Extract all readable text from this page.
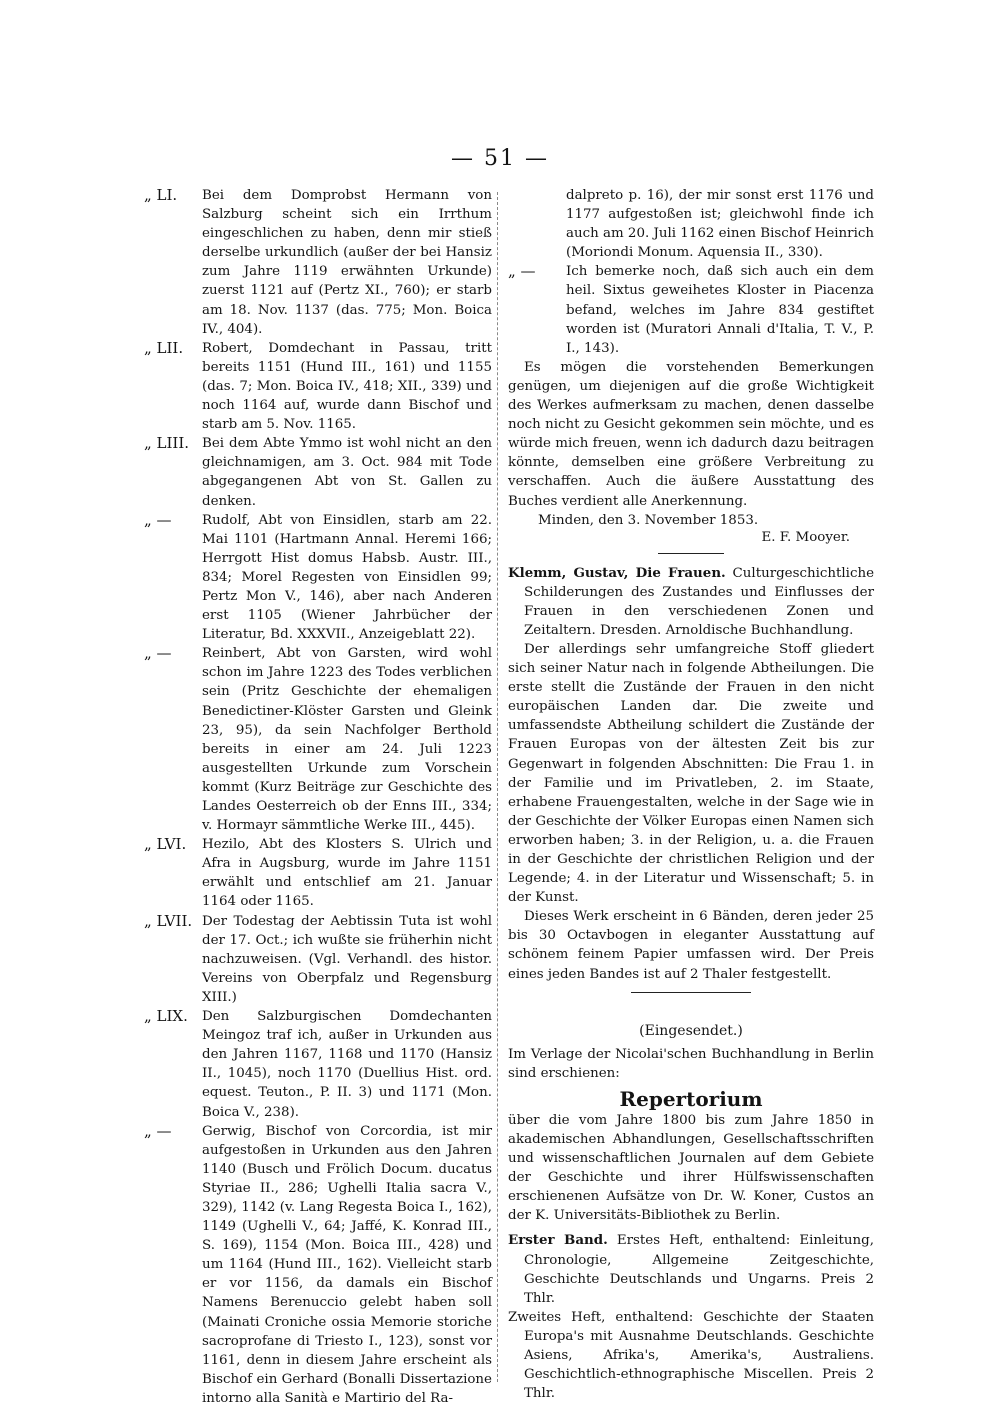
— 51 —
„ LI.	Bei dem Domprobst Hermann von Salzburg scheint sich ein Irrthum eingeschlichen zu haben, denn mir stieß derselbe urkundlich (außer der bei Hansiz zum Jahre 1119 erwähnten Urkunde) zuerst 1121 auf (Pertz XI., 760); er starb am 18. Nov. 1137 (das. 775; Mon. Boica IV., 404).
„ LII.	Robert, Domdechant in Passau, tritt bereits 1151 (Hund III., 161) und 1155 (das. 7; Mon. Boica IV., 418; XII., 339) und noch 1164 auf, wurde dann Bischof und starb am 5. Nov. 1165.
„ LIII. Bei dem Abte Ymmo ist wohl nicht an den gleichnamigen, am 3. Oct. 984 mit Tode abgegangenen Abt von St. Gallen zu denken.
„ —	Rudolf, Abt von Einsidlen, starb am 22. Mai 1101 (Hartmann Annal. Heremi 166; Herrgott Hist domus Habsb. Austr. III., 834; Morel Regesten von Einsidlen 99; Pertz Mon V., 146), aber nach Anderen erst 1105 (Wiener Jahrbücher der Literatur, Bd. XXXVII., Anzeigeblatt 22).
„ —	Reinbert, Abt von Garsten, wird wohl schon im Jahre 1223 des Todes verblichen sein (Pritz Geschichte der ehemaligen Benedictiner-Klöster Garsten und Gleink 23, 95), da sein Nachfolger Berthold bereits in einer am 24. Juli 1223 ausgestellten Urkunde zum Vorschein kommt (Kurz Beiträge zur Geschichte des Landes Oesterreich ob der Enns III., 334; v. Hormayr sämmtliche Werke III., 445).
„ LVI.	Hezilo, Abt des Klosters S. Ulrich und Afra in Augsburg, wurde im Jahre 1151 erwählt und entschlief am 21. Januar 1164 oder 1165.
„ LVII. Der Todestag der Aebtissin Tuta ist wohl der 17. Oct.; ich wußte sie früherhin nicht nachzuweisen. (Vgl. Verhandl. des histor. Vereins von Oberpfalz und Regensburg XIII.)
„ LIX.	Den Salzburgischen Domdechanten Meingoz traf ich, außer in Urkunden aus den Jahren 1167, 1168 und 1170 (Hansiz II., 1045), noch 1170 (Duellius Hist. ord. equest. Teuton., P. II. 3) und 1171 (Mon. Boica V., 238).
„ —	Gerwig, Bischof von Corcordia, ist mir aufgestoßen in Urkunden aus den Jahren 1140 (Busch und Frölich Docum. ducatus Styriae II., 286; Ughelli Italia sacra V., 329), 1142 (v. Lang Regesta Boica I., 162), 1149 (Ughelli V., 64; Jaffé, K. Konrad III., S. 169), 1154 (Mon. Boica III., 428) und um 1164 (Hund III., 162). Vielleicht starb er vor 1156, da damals ein Bischof Namens Berenuccio gelebt haben soll (Mainati Croniche ossia Memorie storiche sacroprofane di Triesto I., 123), sonst vor 1161, denn in diesem Jahre erscheint als Bischof ein Gerhard (Bonalli Dissertazione intorno alla Sanità e Martirio del Ra-
dalpreto p. 16), der mir sonst erst 1176 und 1177 aufgestoßen ist; gleichwohl finde ich auch am 20. Juli 1162 einen Bischof Heinrich (Moriondi Monum. Aquensia II., 330).
„ —	Ich bemerke noch, daß sich auch ein dem heil. Sixtus geweihetes Kloster in Piacenza befand, welches im Jahre 834 gestiftet worden ist (Muratori Annali d'Italia, T. V., P. I., 143).
Es mögen die vorstehenden Bemerkungen genügen, um diejenigen auf die große Wichtigkeit des Werkes aufmerksam zu machen, denen dasselbe noch nicht zu Gesicht gekommen sein möchte, und es würde mich freuen, wenn ich dadurch dazu beitragen könnte, demselben eine größere Verbreitung zu verschaffen. Auch die äußere Ausstattung des Buches verdient alle Anerkennung.
Minden, den 3. November 1853.
E. F. Mooyer.
Klemm, Gustav, Die Frauen. Culturgeschichtliche Schilderungen des Zustandes und Einflusses der Frauen in den verschiedenen Zonen und Zeitaltern. Dresden. Arnoldische Buchhandlung.
Der allerdings sehr umfangreiche Stoff gliedert sich seiner Natur nach in folgende Abtheilungen. Die erste stellt die Zustände der Frauen in den nicht europäischen Landen dar. Die zweite und umfassendste Abtheilung schildert die Zustände der Frauen Europas von der ältesten Zeit bis zur Gegenwart in folgenden Abschnitten: Die Frau 1. in der Familie und im Privatleben, 2. im Staate, erhabene Frauengestalten, welche in der Sage wie in der Geschichte der Völker Europas einen Namen sich erworben haben; 3. in der Religion, u. a. die Frauen in der Geschichte der christlichen Religion und der Legende; 4. in der Literatur und Wissenschaft; 5. in der Kunst.
Dieses Werk erscheint in 6 Bänden, deren jeder 25 bis 30 Octavbogen in eleganter Ausstattung auf schönem feinem Papier umfassen wird. Der Preis eines jeden Bandes ist auf 2 Thaler festgestellt.
(Eingesendet.)
Im Verlage der Nicolai'schen Buchhandlung in Berlin sind erschienen:
Repertorium
über die vom Jahre 1800 bis zum Jahre 1850 in akademischen Abhandlungen, Gesellschaftsschriften und wissenschaftlichen Journalen auf dem Gebiete der Geschichte und ihrer Hülfswissenschaften erschienenen Aufsätze von Dr. W. Koner, Custos an der K. Universitäts-Bibliothek zu Berlin.
Erster Band. Erstes Heft, enthaltend: Einleitung, Chronologie, Allgemeine Zeitgeschichte, Geschichte Deutschlands und Ungarns. Preis 2 Thlr.
Zweites Heft, enthaltend: Geschichte der Staaten Europa's mit Ausnahme Deutschlands. Geschichte Asiens, Afrika's, Amerika's, Australiens. Geschichtlich-ethnographische Miscellen. Preis 2 Thlr.
